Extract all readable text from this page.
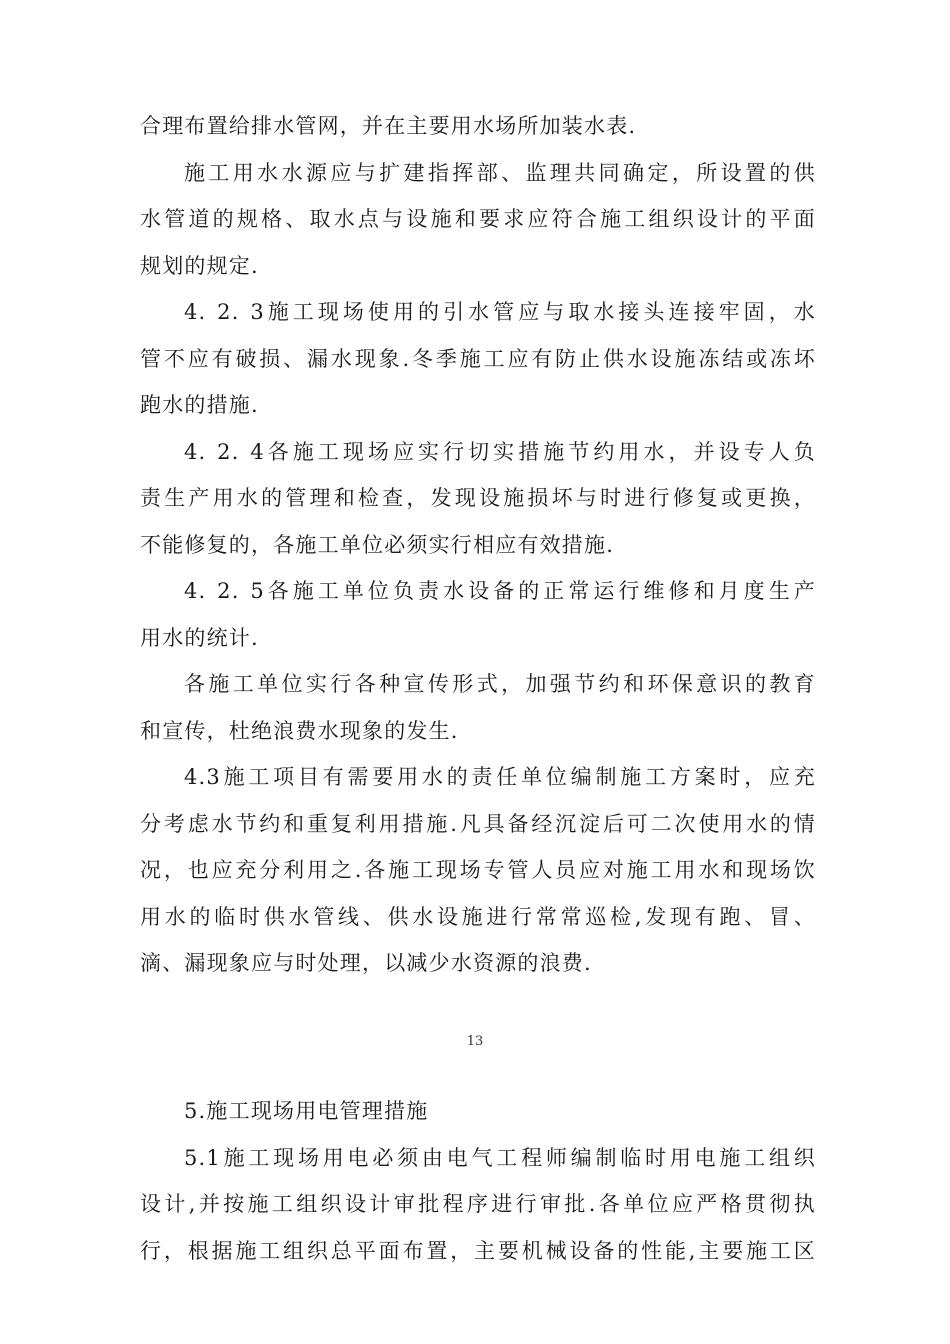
合理布置给排水管网，并在主要用水场所加装水表.
施工用水水源应与扩建指挥部、监理共同确定，所设置的供
水管道的规格、取水点与设施和要求应符合施工组织设计的平面
规划的规定.
4. 2. 3施工现场使用的引水管应与取水接头连接牢固，水
管不应有破损、漏水现象.冬季施工应有防止供水设施冻结或冻坏
跑水的措施.
4. 2. 4各施工现场应实行切实措施节约用水，并设专人负
责生产用水的管理和检查，发现设施损坏与时进行修复或更换，
不能修复的，各施工单位必须实行相应有效措施.
4. 2. 5各施工单位负责水设备的正常运行维修和月度生产
用水的统计.
各施工单位实行各种宣传形式，加强节约和环保意识的教育
和宣传，杜绝浪费水现象的发生.
4.3施工项目有需要用水的责任单位编制施工方案时，应充
分考虑水节约和重复利用措施.凡具备经沉淀后可二次使用水的情
况，也应充分利用之.各施工现场专管人员应对施工用水和现场饮
用水的临时供水管线、供水设施进行常常巡检,发现有跑、冒、
滴、漏现象应与时处理，以减少水资源的浪费.
13
5.施工现场用电管理措施
5.1施工现场用电必须由电气工程师编制临时用电施工组织
设计,并按施工组织设计审批程序进行审批.各单位应严格贯彻执
行，根据施工组织总平面布置，主要机械设备的性能,主要施工区
